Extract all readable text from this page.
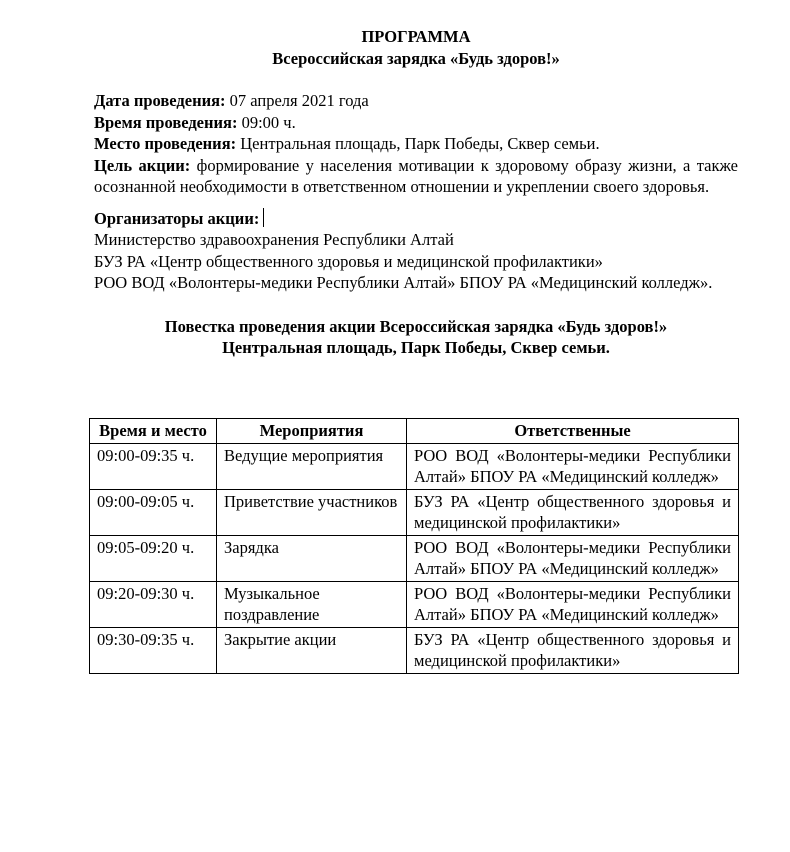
ПРОГРАММА

Всероссийская зарядка «Будь здоров!»

Дата проведения: 07 апреля 2021 года

Время проведения: 09:00 ч.

Место проведения: Центральная площадь, Парк Победы, Сквер семьи.

Цель акции: формирование у населения мотивации к здоровому образу жизни, а также осознанной необходимости в ответственном отношении и укреплении своего здоровья.

Организаторы акции:

Министерство здравоохранения Республики Алтай

БУЗ РА «Центр общественного здоровья и медицинской профилактики»

РОО ВОД «Волонтеры-медики Республики Алтай» БПОУ РА «Медицинский колледж».

Повестка проведения акции Всероссийская зарядка «Будь здоров!»

Центральная площадь, Парк Победы, Сквер семьи.

Время и место	Мероприятия	Ответственные
09:00-09:35 ч.	Ведущие мероприятия	РОО ВОД «Волонтеры-медики Республики Алтай» БПОУ РА «Медицинский колледж»
09:00-09:05 ч.	Приветствие участников	БУЗ РА «Центр общественного здоровья и медицинской профилактики»
09:05-09:20 ч.	Зарядка	РОО ВОД «Волонтеры-медики Республики Алтай» БПОУ РА «Медицинский колледж»
09:20-09:30 ч.	Музыкальное поздравление	РОО ВОД «Волонтеры-медики Республики Алтай» БПОУ РА «Медицинский колледж»
09:30-09:35 ч.	Закрытие акции	БУЗ РА «Центр общественного здоровья и медицинской профилактики»
